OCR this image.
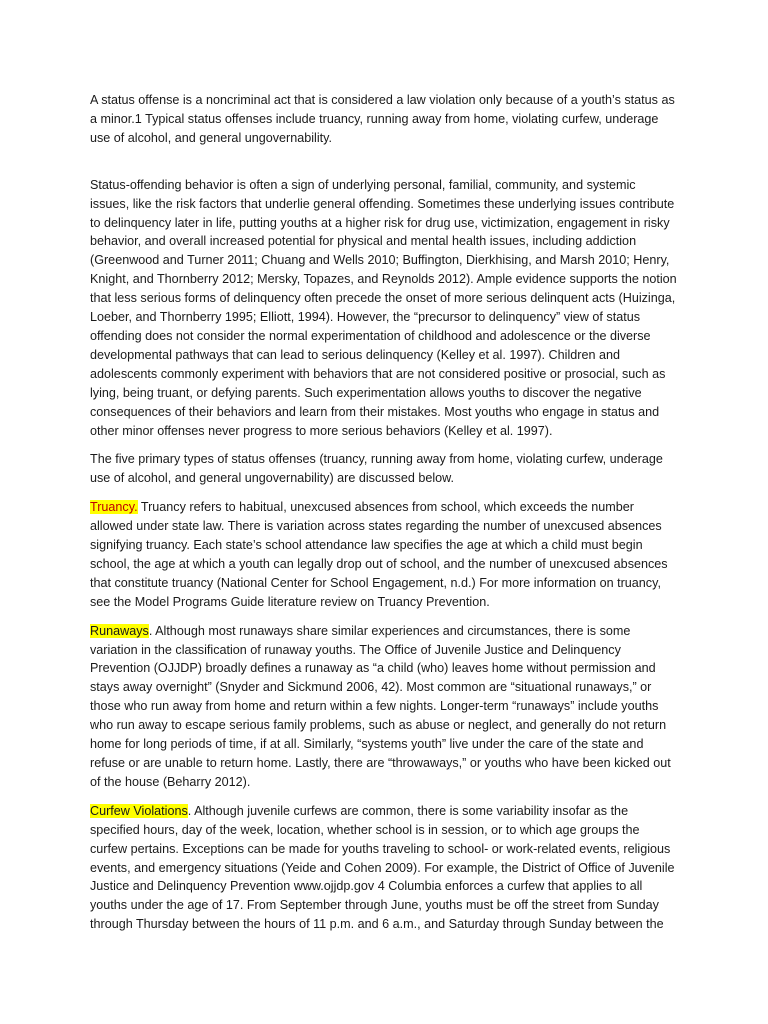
A status offense is a noncriminal act that is considered a law violation only because of a youth’s status as a minor.1 Typical status offenses include truancy, running away from home, violating curfew, underage use of alcohol, and general ungovernability.

Status-offending behavior is often a sign of underlying personal, familial, community, and systemic issues, like the risk factors that underlie general offending. Sometimes these underlying issues contribute to delinquency later in life, putting youths at a higher risk for drug use, victimization, engagement in risky behavior, and overall increased potential for physical and mental health issues, including addiction (Greenwood and Turner 2011; Chuang and Wells 2010; Buffington, Dierkhising, and Marsh 2010; Henry, Knight, and Thornberry 2012; Mersky, Topazes, and Reynolds 2012). Ample evidence supports the notion that less serious forms of delinquency often precede the onset of more serious delinquent acts (Huizinga, Loeber, and Thornberry 1995; Elliott, 1994). However, the “precursor to delinquency” view of status offending does not consider the normal experimentation of childhood and adolescence or the diverse developmental pathways that can lead to serious delinquency (Kelley et al. 1997). Children and adolescents commonly experiment with behaviors that are not considered positive or prosocial, such as lying, being truant, or defying parents. Such experimentation allows youths to discover the negative consequences of their behaviors and learn from their mistakes. Most youths who engage in status and other minor offenses never progress to more serious behaviors (Kelley et al. 1997).

The five primary types of status offenses (truancy, running away from home, violating curfew, underage use of alcohol, and general ungovernability) are discussed below.

Truancy. Truancy refers to habitual, unexcused absences from school, which exceeds the number allowed under state law. There is variation across states regarding the number of unexcused absences signifying truancy. Each state’s school attendance law specifies the age at which a child must begin school, the age at which a youth can legally drop out of school, and the number of unexcused absences that constitute truancy (National Center for School Engagement, n.d.) For more information on truancy, see the Model Programs Guide literature review on Truancy Prevention.

Runaways. Although most runaways share similar experiences and circumstances, there is some variation in the classification of runaway youths. The Office of Juvenile Justice and Delinquency Prevention (OJJDP) broadly defines a runaway as “a child (who) leaves home without permission and stays away overnight” (Snyder and Sickmund 2006, 42). Most common are “situational runaways,” or those who run away from home and return within a few nights. Longer-term “runaways” include youths who run away to escape serious family problems, such as abuse or neglect, and generally do not return home for long periods of time, if at all. Similarly, “systems youth” live under the care of the state and refuse or are unable to return home. Lastly, there are “throwaways,” or youths who have been kicked out of the house (Beharry 2012).

Curfew Violations. Although juvenile curfews are common, there is some variability insofar as the specified hours, day of the week, location, whether school is in session, or to which age groups the curfew pertains. Exceptions can be made for youths traveling to school- or work-related events, religious events, and emergency situations (Yeide and Cohen 2009). For example, the District of Office of Juvenile Justice and Delinquency Prevention www.ojjdp.gov 4 Columbia enforces a curfew that applies to all youths under the age of 17. From September through June, youths must be off the street from Sunday through Thursday between the hours of 11 p.m. and 6 a.m., and Saturday through Sunday between the
